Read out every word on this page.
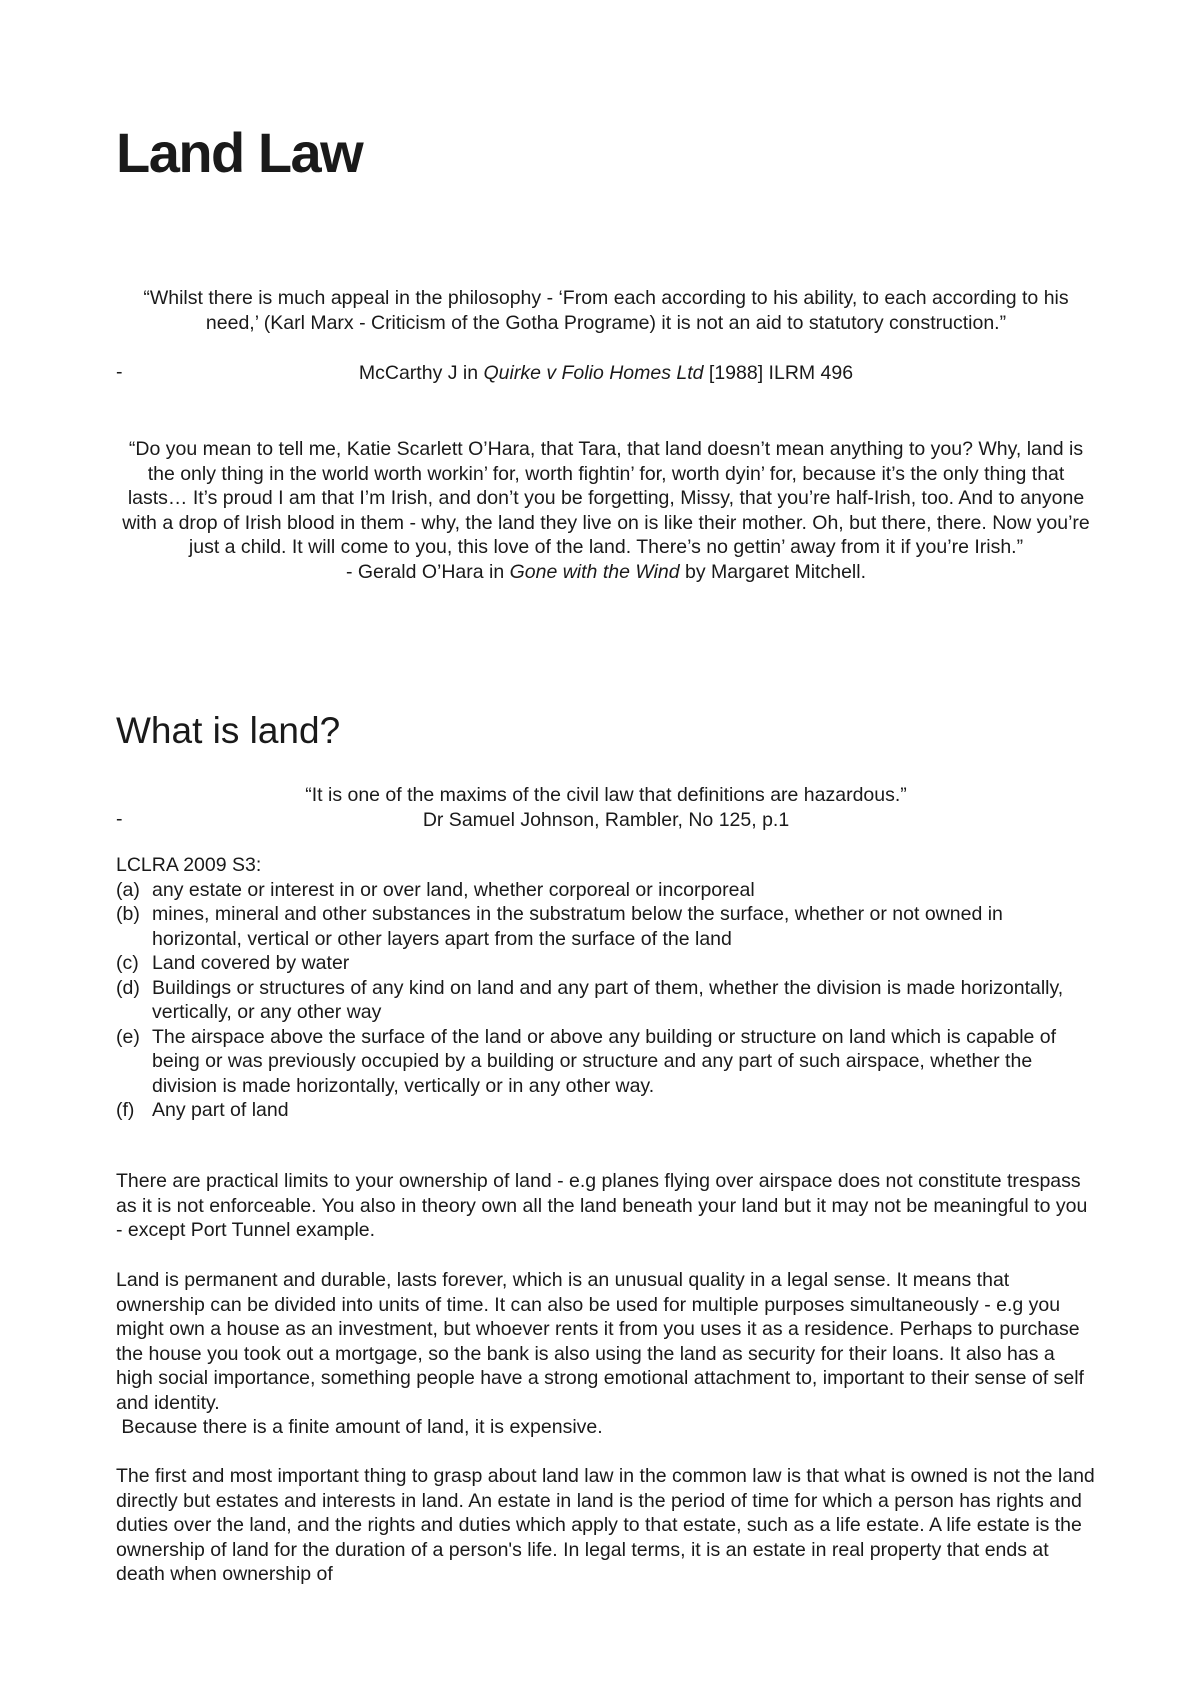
Land Law
“Whilst there is much appeal in the philosophy - ‘From each according to his ability, to each according to his need,’ (Karl Marx - Criticism of the Gotha Programe) it is not an aid to statutory construction.”
-	McCarthy J in Quirke v Folio Homes Ltd [1988] ILRM 496
“Do you mean to tell me, Katie Scarlett O’Hara, that Tara, that land doesn’t mean anything to you? Why, land is the only thing in the world worth workin’ for, worth fightin’ for, worth dyin’ for, because it’s the only thing that lasts… It’s proud I am that I’m Irish, and don’t you be forgetting, Missy, that you’re half-Irish, too. And to anyone with a drop of Irish blood in them - why, the land they live on is like their mother. Oh, but there, there. Now you’re just a child. It will come to you, this love of the land. There’s no gettin’ away from it if you’re Irish.”
- Gerald O’Hara in Gone with the Wind by Margaret Mitchell.
What is land?
“It is one of the maxims of the civil law that definitions are hazardous.”
Dr Samuel Johnson, Rambler, No 125, p.1
-
LCLRA 2009 S3:
(a) any estate or interest in or over land, whether corporeal or incorporeal
(b) mines, mineral and other substances in the substratum below the surface, whether or not owned in horizontal, vertical or other layers apart from the surface of the land
(c) Land covered by water
(d) Buildings or structures of any kind on land and any part of them, whether the division is made horizontally, vertically, or any other way
(e) The airspace above the surface of the land or above any building or structure on land which is capable of being or was previously occupied by a building or structure and any part of such airspace, whether the division is made horizontally, vertically or in any other way.
(f) Any part of land

There are practical limits to your ownership of land - e.g planes flying over airspace does not constitute trespass as it is not enforceable. You also in theory own all the land beneath your land but it may not be meaningful to you - except Port Tunnel example.

Land is permanent and durable, lasts forever, which is an unusual quality in a legal sense. It means that ownership can be divided into units of time. It can also be used for multiple purposes simultaneously - e.g you might own a house as an investment, but whoever rents it from you uses it as a residence. Perhaps to purchase the house you took out a mortgage, so the bank is also using the land as security for their loans. It also has a high social importance, something people have a strong emotional attachment to, important to their sense of self and identity.

Because there is a finite amount of land, it is expensive.

The first and most important thing to grasp about land law in the common law is that what is owned is not the land directly but estates and interests in land. An estate in land is the period of time for which a person has rights and duties over the land, and the rights and duties which apply to that estate, such as a life estate. A life estate is the ownership of land for the duration of a person's life. In legal terms, it is an estate in real property that ends at death when ownership of
